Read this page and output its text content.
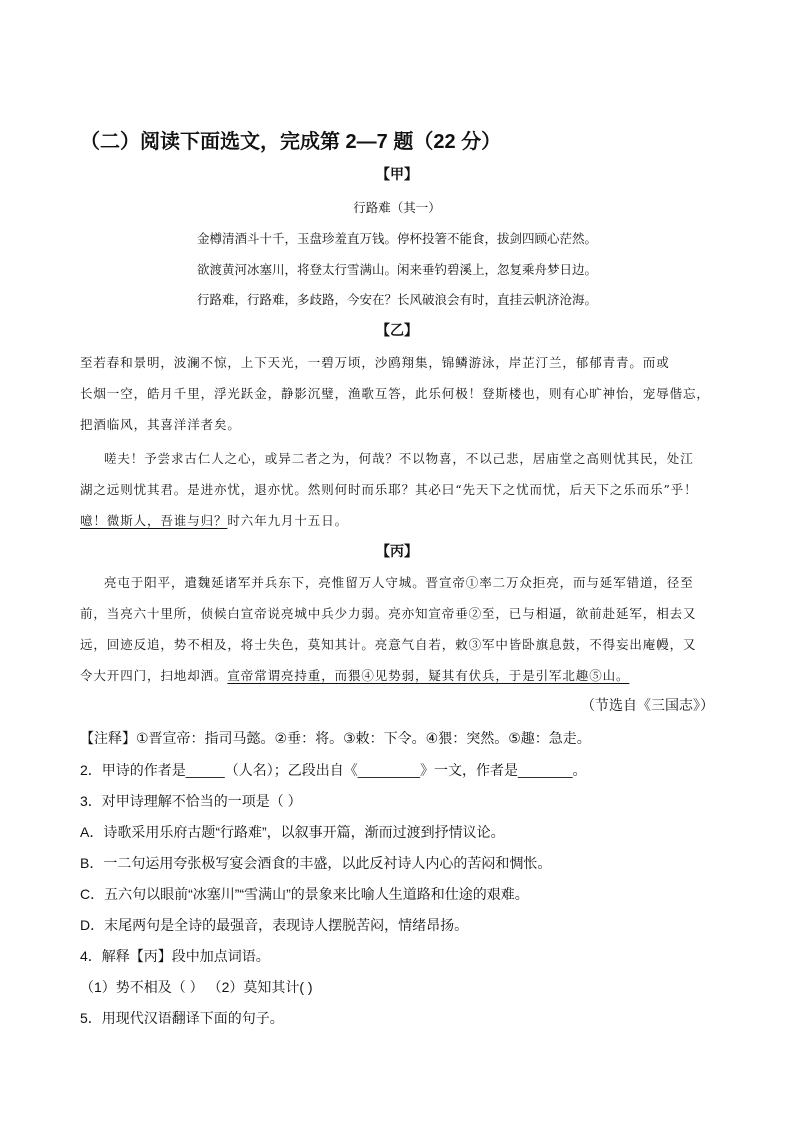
（二）阅读下面选文，完成第 2—7 题（22 分）
【甲】
行路难（其一）
金樽清酒斗十千，玉盘珍羞直万钱。停杯投箸不能食，拔剑四顾心茫然。
欲渡黄河冰塞川，将登太行雪满山。闲来垂钓碧溪上，忽复乘舟梦日边。
行路难，行路难，多歧路，今安在？长风破浪会有时，直挂云帆济沧海。
【乙】
至若春和景明，波澜不惊，上下天光，一碧万顷，沙鸥翔集，锦鳞游泳，岸芷汀兰，郁郁青青。而或
长烟一空，皓月千里，浮光跃金，静影沉璧，渔歌互答，此乐何极！登斯楼也，则有心旷神怡，宠辱偕忘，
把酒临风，其喜洋洋者矣。
嗟夫！予尝求古仁人之心，或异二者之为，何哉？不以物喜，不以己悲，居庙堂之高则忧其民，处江
湖之远则忧其君。是进亦忧，退亦忧。然则何时而乐耶？其必曰“先天下之忧而忧，后天下之乐而乐”乎！
噫！微斯人，吾谁与归？时六年九月十五日。
【丙】
亮屯于阳平，遣魏延诸军并兵东下，亮惟留万人守城。晋宣帝①率二万众拒亮，而与延军错道，径至
前，当亮六十里所，侦候白宣帝说亮城中兵少力弱。亮亦知宣帝垂②至，已与相逼，欲前赴延军，相去又
远，回迹反追，势不相及，将士失色，莫知其计。亮意气自若，敕③军中皆卧旗息鼓，不得妄出庵幔，又
令大开四门，扫地却洒。宣帝常谓亮持重，而猥④见势弱，疑其有伏兵，于是引军北趣⑤山。
（节选自《三国志》）
【注释】①晋宣帝：指司马懿。②垂：将。③敕：下令。④猥：突然。⑤趣：急走。
2．甲诗的作者是_____（人名）；乙段出自《________》一文，作者是_______。
3．对甲诗理解不恰当的一项是（ ）
A．诗歌采用乐府古题“行路难”，以叙事开篇，渐而过渡到抒情议论。
B．一二句运用夸张极写宴会酒食的丰盛，以此反衬诗人内心的苦闷和惆怅。
C．五六句以眼前“冰塞川”“雪满山”的景象来比喻人生道路和仕途的艰难。
D．末尾两句是全诗的最强音，表现诗人摆脱苦闷，情绪昂扬。
4．解释【丙】段中加点词语。
（1）势不相及（ ） （2）莫知其计( )
5．用现代汉语翻译下面的句子。
